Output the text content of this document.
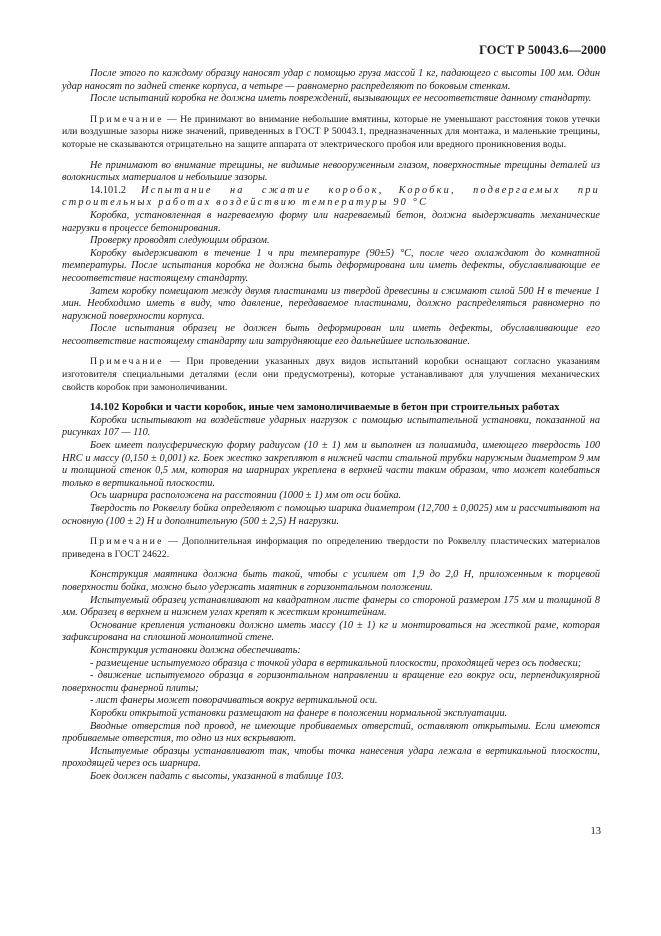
ГОСТ Р 50043.6—2000

После этого по каждому образцу наносят удар с помощью груза массой 1 кг, падающего с высоты 100 мм. Один удар наносят по задней стенке корпуса, а четыре — равномерно распределяют по боковым стенкам.

После испытаний коробка не должна иметь повреждений, вызывающих ее несоответствие данному стандарту.

Примечание — Не принимают во внимание небольшие вмятины, которые не уменьшают расстояния токов утечки или воздушные зазоры ниже значений, приведенных в ГОСТ Р 50043.1, предназначенных для монтажа, и маленькие трещины, которые не сказываются отрицательно на защите аппарата от электрического пробоя или вредного проникновения воды.

Не принимают во внимание трещины, не видимые невооруженным глазом, поверхностные трещины деталей из волокнистых материалов и небольшие зазоры.

14.101.2 Испытание на сжатие коробок, Коробки, подвергаемых при строительных работах воздействию температуры 90 °С

Коробка, установленная в нагреваемую форму или нагреваемый бетон, должна выдерживать механические нагрузки в процессе бетонирования.

Проверку проводят следующим образом.

Коробку выдерживают в течение 1 ч при температуре (90±5) °С, после чего охлаждают до комнатной температуры. После испытания коробка не должна быть деформирована или иметь дефекты, обуславливающие ее несоответствие настоящему стандарту.

Затем коробку помещают между двумя пластинами из твердой древесины и сжимают силой 500 Н в течение 1 мин. Необходимо иметь в виду, что давление, передаваемое пластинами, должно распределяться равномерно по наружной поверхности корпуса.

После испытания образец не должен быть деформирован или иметь дефекты, обуславливающие его несоответствие настоящему стандарту или затрудняющие его дальнейшее использование.

Примечание — При проведении указанных двух видов испытаний коробки оснащают согласно указаниям изготовителя специальными деталями (если они предусмотрены), которые устанавливают для улучшения механических свойств коробок при замоноличивании.

14.102 Коробки и части коробок, иные чем замоноличиваемые в бетон при строительных работах

Коробки испытывают на воздействие ударных нагрузок с помощью испытательной установки, показанной на рисунках 107 — 110.

Боек имеет полусферическую форму радиусом (10 ± 1) мм и выполнен из полиамида, имеющего твердость 100 HRC и массу (0,150 ± 0,001) кг. Боек жестко закрепляют в нижней части стальной трубки наружным диаметром 9 мм и толщиной стенок 0,5 мм, которая на шарнирах укреплена в верхней части таким образом, что может колебаться только в вертикальной плоскости.

Ось шарнира расположена на расстоянии (1000 ± 1) мм от оси бойка.

Твердость по Роквеллу бойка определяют с помощью шарика диаметром (12,700 ± 0,0025) мм и рассчитывают на основную (100 ± 2) Н и дополнительную (500 ± 2,5) Н нагрузки.

Примечание — Дополнительная информация по определению твердости по Роквеллу пластических материалов приведена в ГОСТ 24622.

Конструкция маятника должна быть такой, чтобы с усилием от 1,9 до 2,0 Н, приложенным к торцевой поверхности бойка, можно было удержать маятник в горизонтальном положении.

Испытуемый образец устанавливают на квадратном листе фанеры со стороной размером 175 мм и толщиной 8 мм. Образец в верхнем и нижнем углах крепят к жестким кронштейнам.

Основание крепления установки должно иметь массу (10 ± 1) кг и монтироваться на жесткой раме, которая зафиксирована на сплошной монолитной стене.

Конструкция установки должна обеспечивать:

- размещение испытуемого образца с точкой удара в вертикальной плоскости, проходящей через ось подвески;

- движение испытуемого образца в горизонтальном направлении и вращение его вокруг оси, перпендикулярной поверхности фанерной плиты;

- лист фанеры может поворачиваться вокруг вертикальной оси.

Коробки открытой установки размещают на фанере в положении нормальной эксплуатации.

Вводные отверстия под провод, не имеющие пробиваемых отверстий, оставляют открытыми. Если имеются пробиваемые отверстия, то одно из них вскрывают.

Испытуемые образцы устанавливают так, чтобы точка нанесения удара лежала в вертикальной плоскости, проходящей через ось шарнира.

Боек должен падать с высоты, указанной в таблице 103.

13
